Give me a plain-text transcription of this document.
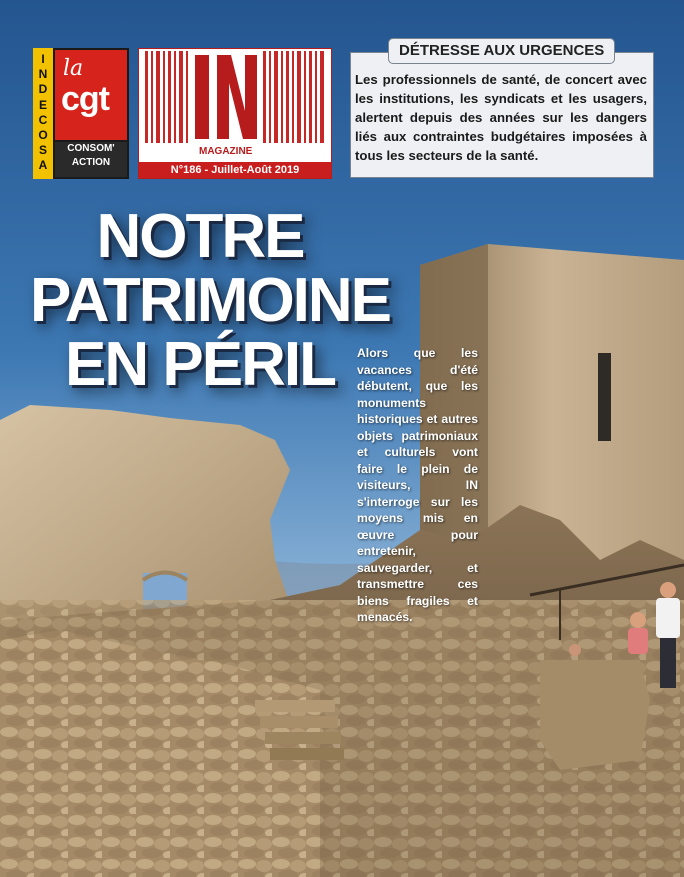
I
N
D
E
C
O
S
A
la
cgt
CONSOM'
ACTION
MAGAZINE
N°186 - Juillet-Août 2019
DÉTRESSE AUX URGENCES
Les professionnels de santé, de concert avec les institutions, les syndicats et les usagers, alertent depuis des années sur les dangers liés aux contraintes budgétaires imposées à tous les secteurs de la santé.
NOTRE
PATRIMOINE
EN PÉRIL	Alors que les vacances d'été débutent, que les monuments historiques et autres objets patrimoniaux et culturels vont faire le plein de visiteurs, IN s'interroge sur les moyens mis en œuvre pour entretenir, sauvegarder, et transmettre ces biens fragiles et menacés.
